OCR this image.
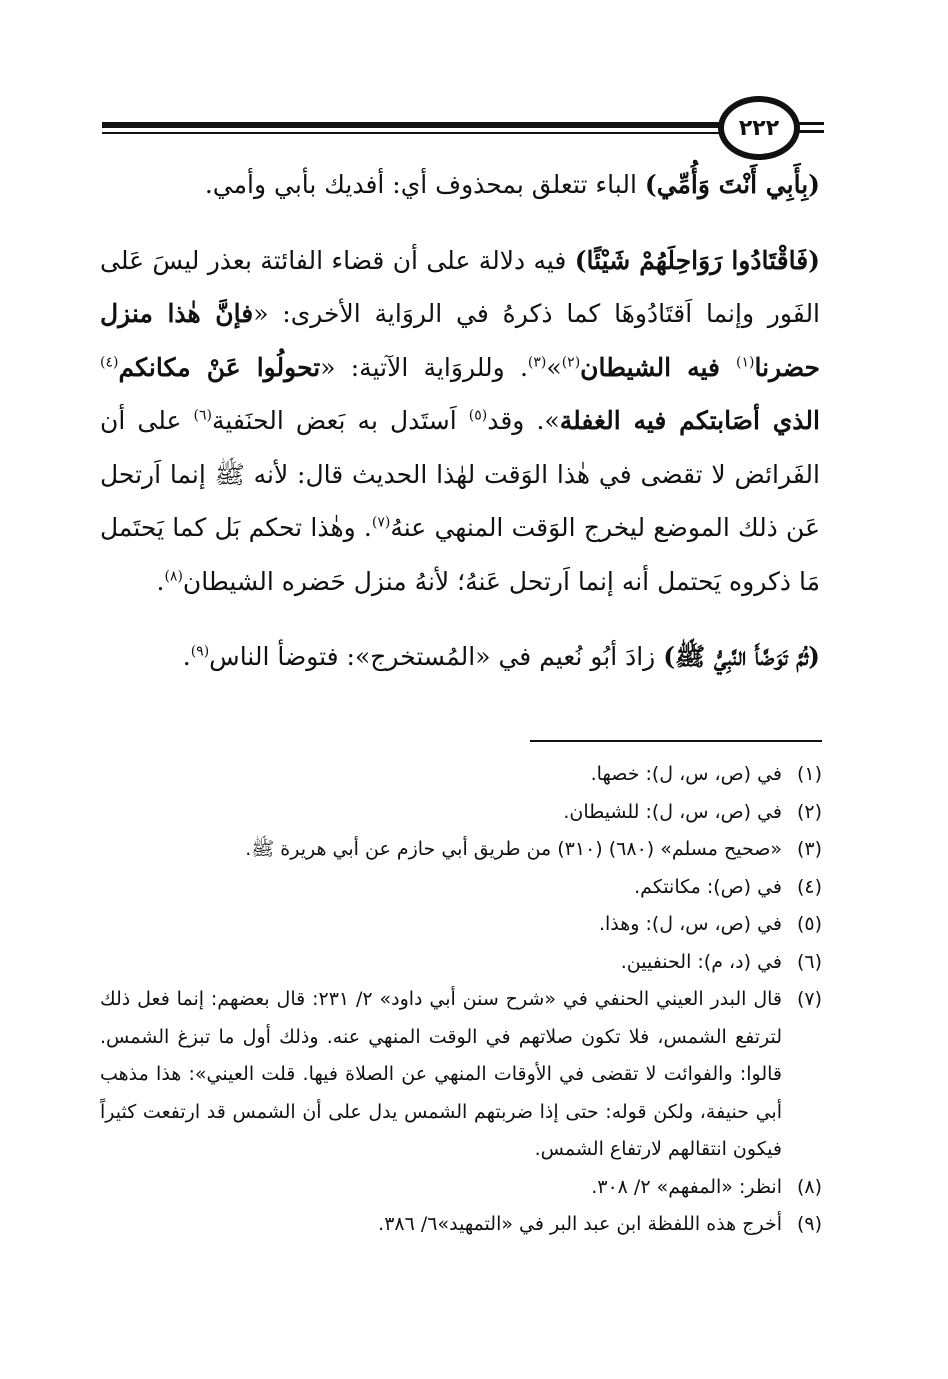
٢٢٢

(بِأَبِي أَنْتَ وَأُمِّي) الباء تتعلق بمحذوف أي: أفديك بأبي وأمي.

(فَاقْتَادُوا رَوَاحِلَهُمْ شَيْئًا) فيه دلالة على أن قضاء الفائتة بعذر ليسَ عَلى الفَور وإنما اَقتَادُوهَا كما ذكرهُ في الروَاية الأخرى: «فإنَّ هٰذا منزل حضرنا$^{(١)}$ فيه الشيطان$^{(٢)}$»$^{(٣)}$. وللروَاية الآتية: «تحولُوا عَنْ مكانكم$^{(٤)}$ الذي أصَابتكم فيه الغفلة». وقد$^{(٥)}$ اَستَدل به بَعض الحنَفية$^{(٦)}$ على أن الفَرائض لا تقضى في هٰذا الوَقت لهٰذا الحديث قال: لأنه ﷺ إنما اَرتحل عَن ذلك الموضع ليخرج الوَقت المنهي عنهُ$^{(٧)}$. وهٰذا تحكم بَل كما يَحتَمل مَا ذكروه يَحتمل أنه إنما اَرتحل عَنهُ؛ لأنهُ منزل حَضره الشيطان$^{(٨)}$.

(ثُمَّ تَوَضَّأَ النَّبِيُّ ﷺ) زادَ أبُو نُعيم في «المُستخرج»: فتوضأ الناس$^{(٩)}$.

(١)
في (ص، س، ل): خصها.
(٢)
في (ص، س، ل): للشيطان.
(٣)
«صحيح مسلم» (٦٨٠) (٣١٠) من طريق أبي حازم عن أبي هريرة ﷺ.
(٤)
في (ص): مكانتكم.
(٥)
في (ص، س، ل): وهذا.
(٦)
في (د، م): الحنفيين.
(٧)
قال البدر العيني الحنفي في «شرح سنن أبي داود» ٢/ ٢٣١: قال بعضهم: إنما فعل ذلك لترتفع الشمس، فلا تكون صلاتهم في الوقت المنهي عنه. وذلك أول ما تبزغ الشمس. قالوا: والفوائت لا تقضى في الأوقات المنهي عن الصلاة فيها. قلت العيني»: هذا مذهب أبي حنيفة، ولكن قوله: حتى إذا ضربتهم الشمس يدل على أن الشمس قد ارتفعت كثيراً فيكون انتقالهم لارتفاع الشمس.
(٨)
انظر: «المفهم» ٢/ ٣٠٨.
(٩)
أخرج هذه اللفظة ابن عبد البر في «التمهيد»٦/ ٣٨٦.
